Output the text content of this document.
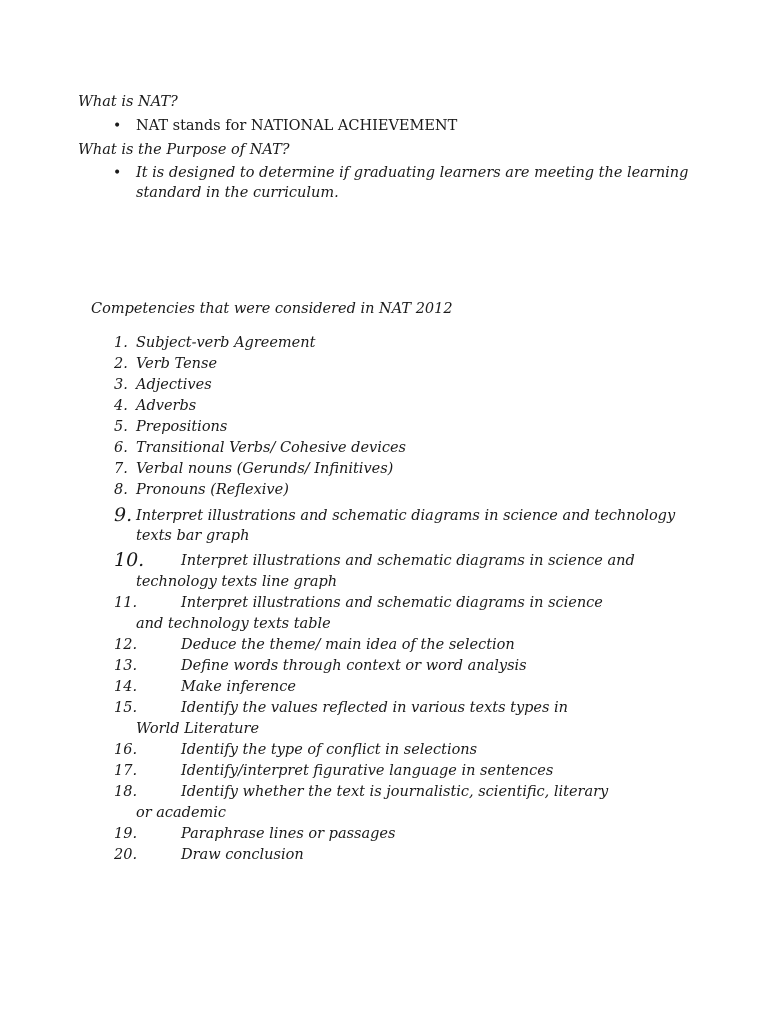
What is NAT?
• NAT stands for NATIONAL ACHIEVEMENT
What is the Purpose of NAT?
• It is designed to determine if graduating learners are meeting the learning
standard in the curriculum.
Competencies that were considered in NAT 2012
1. Subject-verb Agreement
2. Verb Tense
3. Adjectives
4. Adverbs
5. Prepositions
6. Transitional Verbs/ Cohesive devices
7. Verbal nouns (Gerunds/ Infinitives)
8. Pronouns (Reflexive)
9. Interpret illustrations and schematic diagrams in science and technology
texts bar graph
10.	Interpret illustrations and schematic diagrams in science and
technology texts line graph
11.	Interpret illustrations and schematic diagrams in science
and technology texts table
12.	Deduce the theme/ main idea of the selection
13.	Define words through context or word analysis
14.	Make inference
15.	Identify the values reflected in various texts types in
World Literature
16.	Identify the type of conflict in selections
17.	Identify/interpret figurative language in sentences
18.	Identify whether the text is journalistic, scientific, literary
or academic
19.	Paraphrase lines or passages
20.	Draw conclusion
